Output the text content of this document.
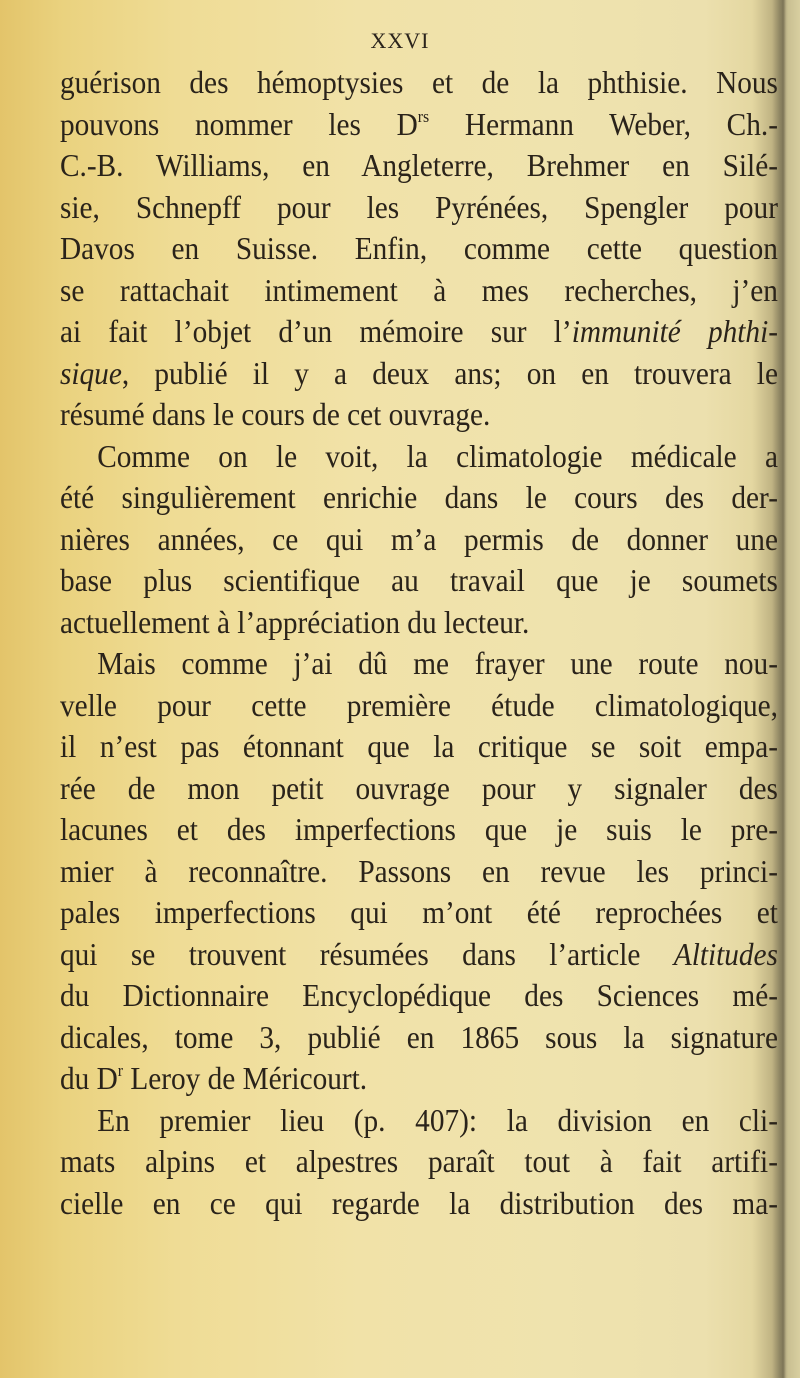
XXVI
guérison des hémoptysies et de la phthisie. Nous
pouvons nommer les $D^{rs}$ Hermann Weber, Ch.-
C.-B. Williams, en Angleterre, Brehmer en Silé-
sie, Schnepff pour les Pyrénées, Spengler pour
Davos en Suisse. Enfin, comme cette question
se rattachait intimement à mes recherches, j’en
ai fait l’objet d’un mémoire sur l’immunité phthi-
sique, publié il y a deux ans; on en trouvera le
résumé dans le cours de cet ouvrage.
Comme on le voit, la climatologie médicale a
été singulièrement enrichie dans le cours des der-
nières années, ce qui m’a permis de donner une
base plus scientifique au travail que je soumets
actuellement à l’appréciation du lecteur.
Mais comme j’ai dû me frayer une route nou-
velle pour cette première étude climatologique,
il n’est pas étonnant que la critique se soit empa-
rée de mon petit ouvrage pour y signaler des
lacunes et des imperfections que je suis le pre-
mier à reconnaître. Passons en revue les princi-
pales imperfections qui m’ont été reprochées et
qui se trouvent résumées dans l’article Altitudes
du Dictionnaire Encyclopédique des Sciences mé-
dicales, tome 3, publié en 1865 sous la signature
du $D^r$ Leroy de Méricourt.
En premier lieu (p. 407): la division en cli-
mats alpins et alpestres paraît tout à fait artifi-
cielle en ce qui regarde la distribution des ma-
